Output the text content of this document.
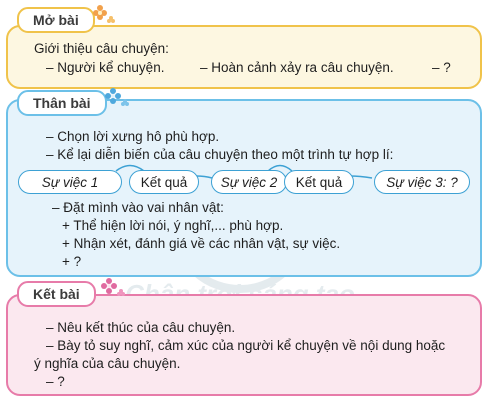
Mở bài
Giới thiệu câu chuyện:
– Người kể chuyện.	– Hoàn cảnh xảy ra câu chuyện.	– ?
Thân bài
– Chọn lời xưng hô phù hợp.
– Kể lại diễn biến của câu chuyện theo một trình tự hợp lí:
Sự việc 1	Kết quả	Sự việc 2	Kết quả	Sự việc 3: ?
– Đặt mình vào vai nhân vật:
+ Thể hiện lời nói, ý nghĩ,... phù hợp.
+ Nhận xét, đánh giá về các nhân vật, sự việc.
+ ?
Kết bài
– Nêu kết thúc của câu chuyện.
– Bày tỏ suy nghĩ, cảm xúc của người kể chuyện về nội dung hoặc
ý nghĩa của câu chuyện.
– ?
